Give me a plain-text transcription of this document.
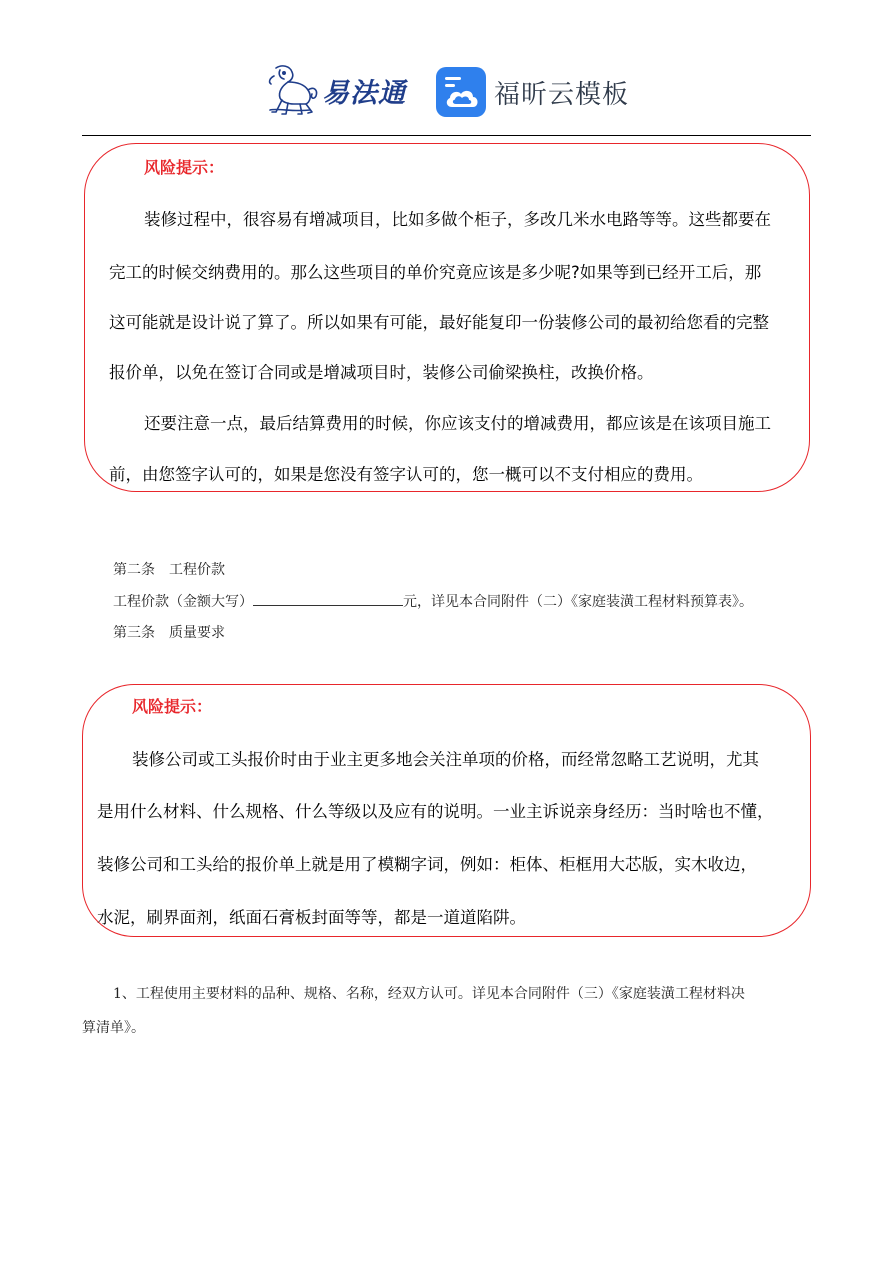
易法通	福昕云模板
风险提示：
装修过程中，很容易有增减项目，比如多做个柜子，多改几米水电路等等。这些都要在
完工的时候交纳费用的。那么这些项目的单价究竟应该是多少呢?如果等到已经开工后，那
这可能就是设计说了算了。所以如果有可能，最好能复印一份装修公司的最初给您看的完整
报价单，以免在签订合同或是增减项目时，装修公司偷梁换柱，改换价格。
还要注意一点，最后结算费用的时候，你应该支付的增减费用，都应该是在该项目施工
前，由您签字认可的，如果是您没有签字认可的，您一概可以不支付相应的费用。
第二条　工程价款
工程价款（金额大写）	元，详见本合同附件（二）《家庭装潢工程材料预算表》。
第三条　质量要求
风险提示：
装修公司或工头报价时由于业主更多地会关注单项的价格，而经常忽略工艺说明，尤其
是用什么材料、什么规格、什么等级以及应有的说明。一业主诉说亲身经历：当时啥也不懂，
装修公司和工头给的报价单上就是用了模糊字词，例如：柜体、柜框用大芯版，实木收边，
水泥，刷界面剂，纸面石膏板封面等等，都是一道道陷阱。
1、工程使用主要材料的品种、规格、名称，经双方认可。详见本合同附件（三）《家庭装潢工程材料决
算清单》。
